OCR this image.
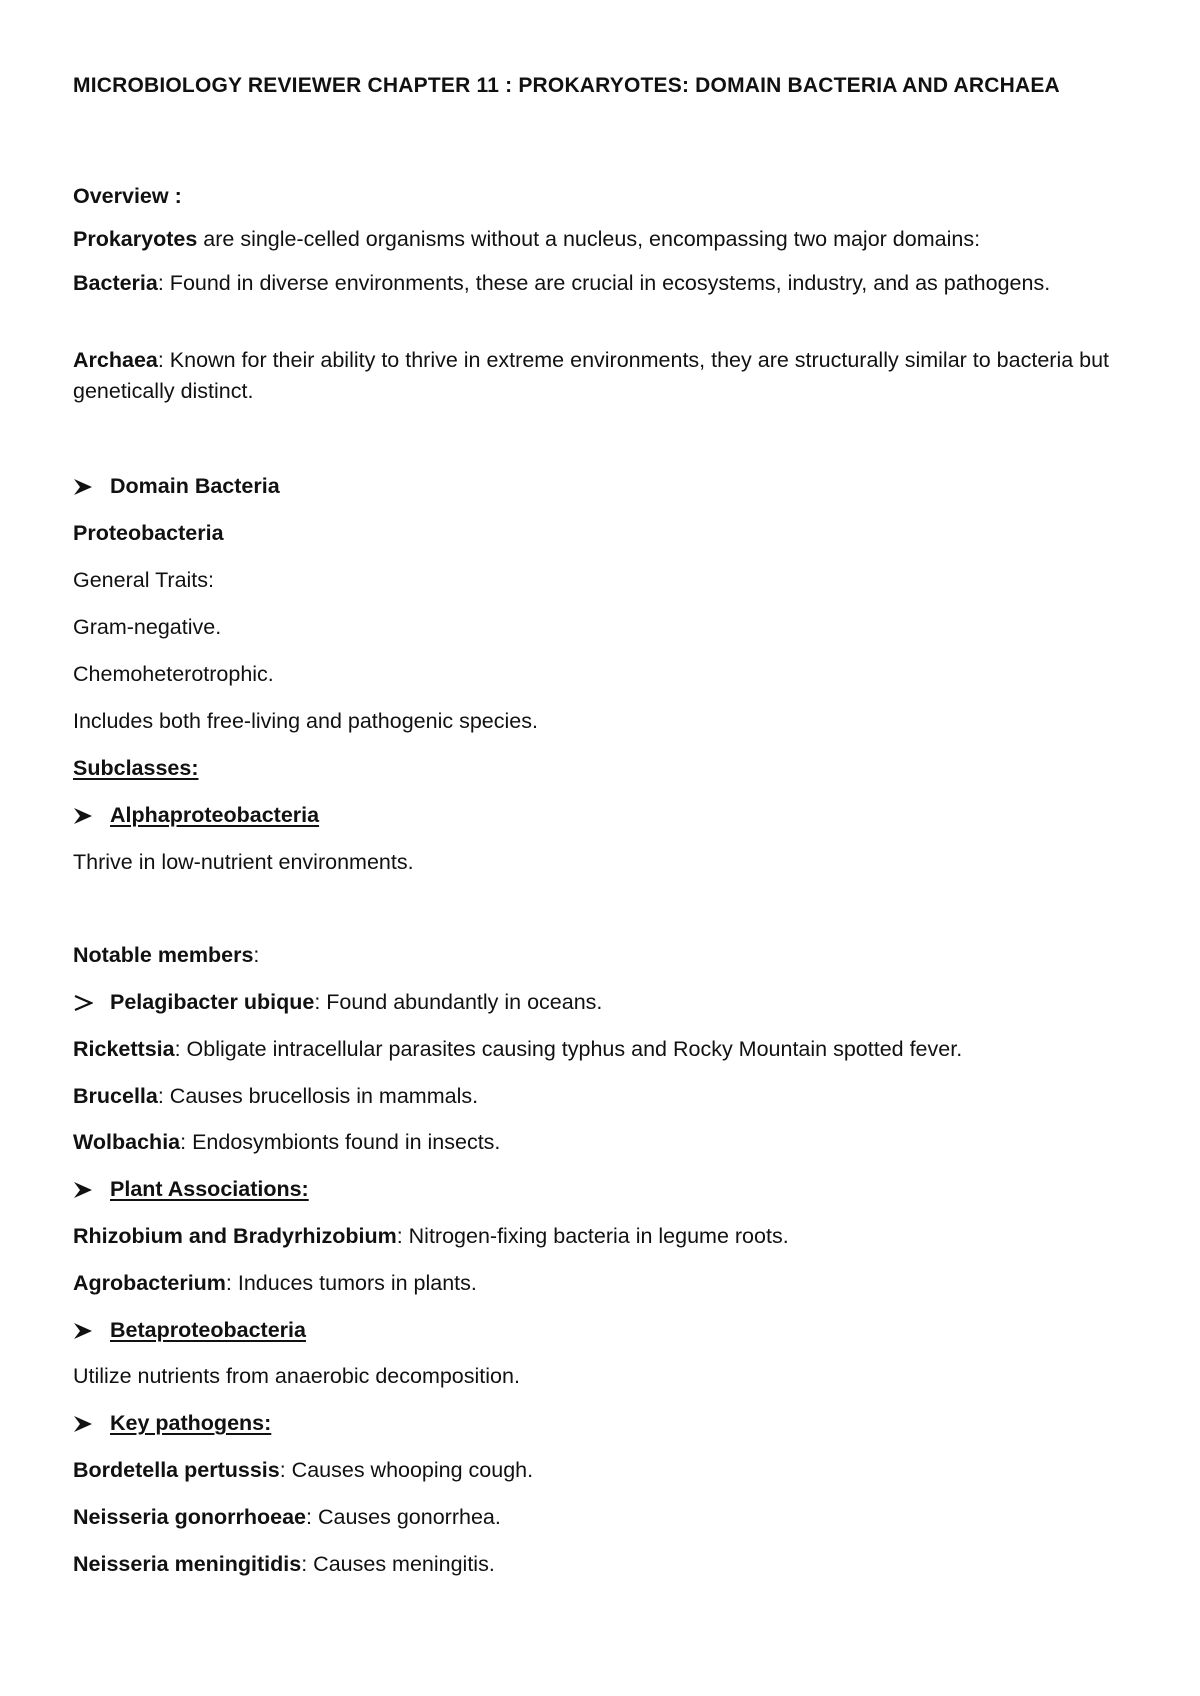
MICROBIOLOGY REVIEWER CHAPTER 11 : PROKARYOTES: DOMAIN BACTERIA AND ARCHAEA
Overview :
Prokaryotes are single-celled organisms without a nucleus, encompassing two major domains:
Bacteria: Found in diverse environments, these are crucial in ecosystems, industry, and as pathogens.
Archaea: Known for their ability to thrive in extreme environments, they are structurally similar to bacteria but genetically distinct.
Domain Bacteria
Proteobacteria
General Traits:
Gram-negative.
Chemoheterotrophic.
Includes both free-living and pathogenic species.
Subclasses:
Alphaproteobacteria
Thrive in low-nutrient environments.
Notable members:
Pelagibacter ubique: Found abundantly in oceans.
Rickettsia: Obligate intracellular parasites causing typhus and Rocky Mountain spotted fever.
Brucella: Causes brucellosis in mammals.
Wolbachia: Endosymbionts found in insects.
Plant Associations:
Rhizobium and Bradyrhizobium: Nitrogen-fixing bacteria in legume roots.
Agrobacterium: Induces tumors in plants.
Betaproteobacteria
Utilize nutrients from anaerobic decomposition.
Key pathogens:
Bordetella pertussis: Causes whooping cough.
Neisseria gonorrhoeae: Causes gonorrhea.
Neisseria meningitidis: Causes meningitis.
